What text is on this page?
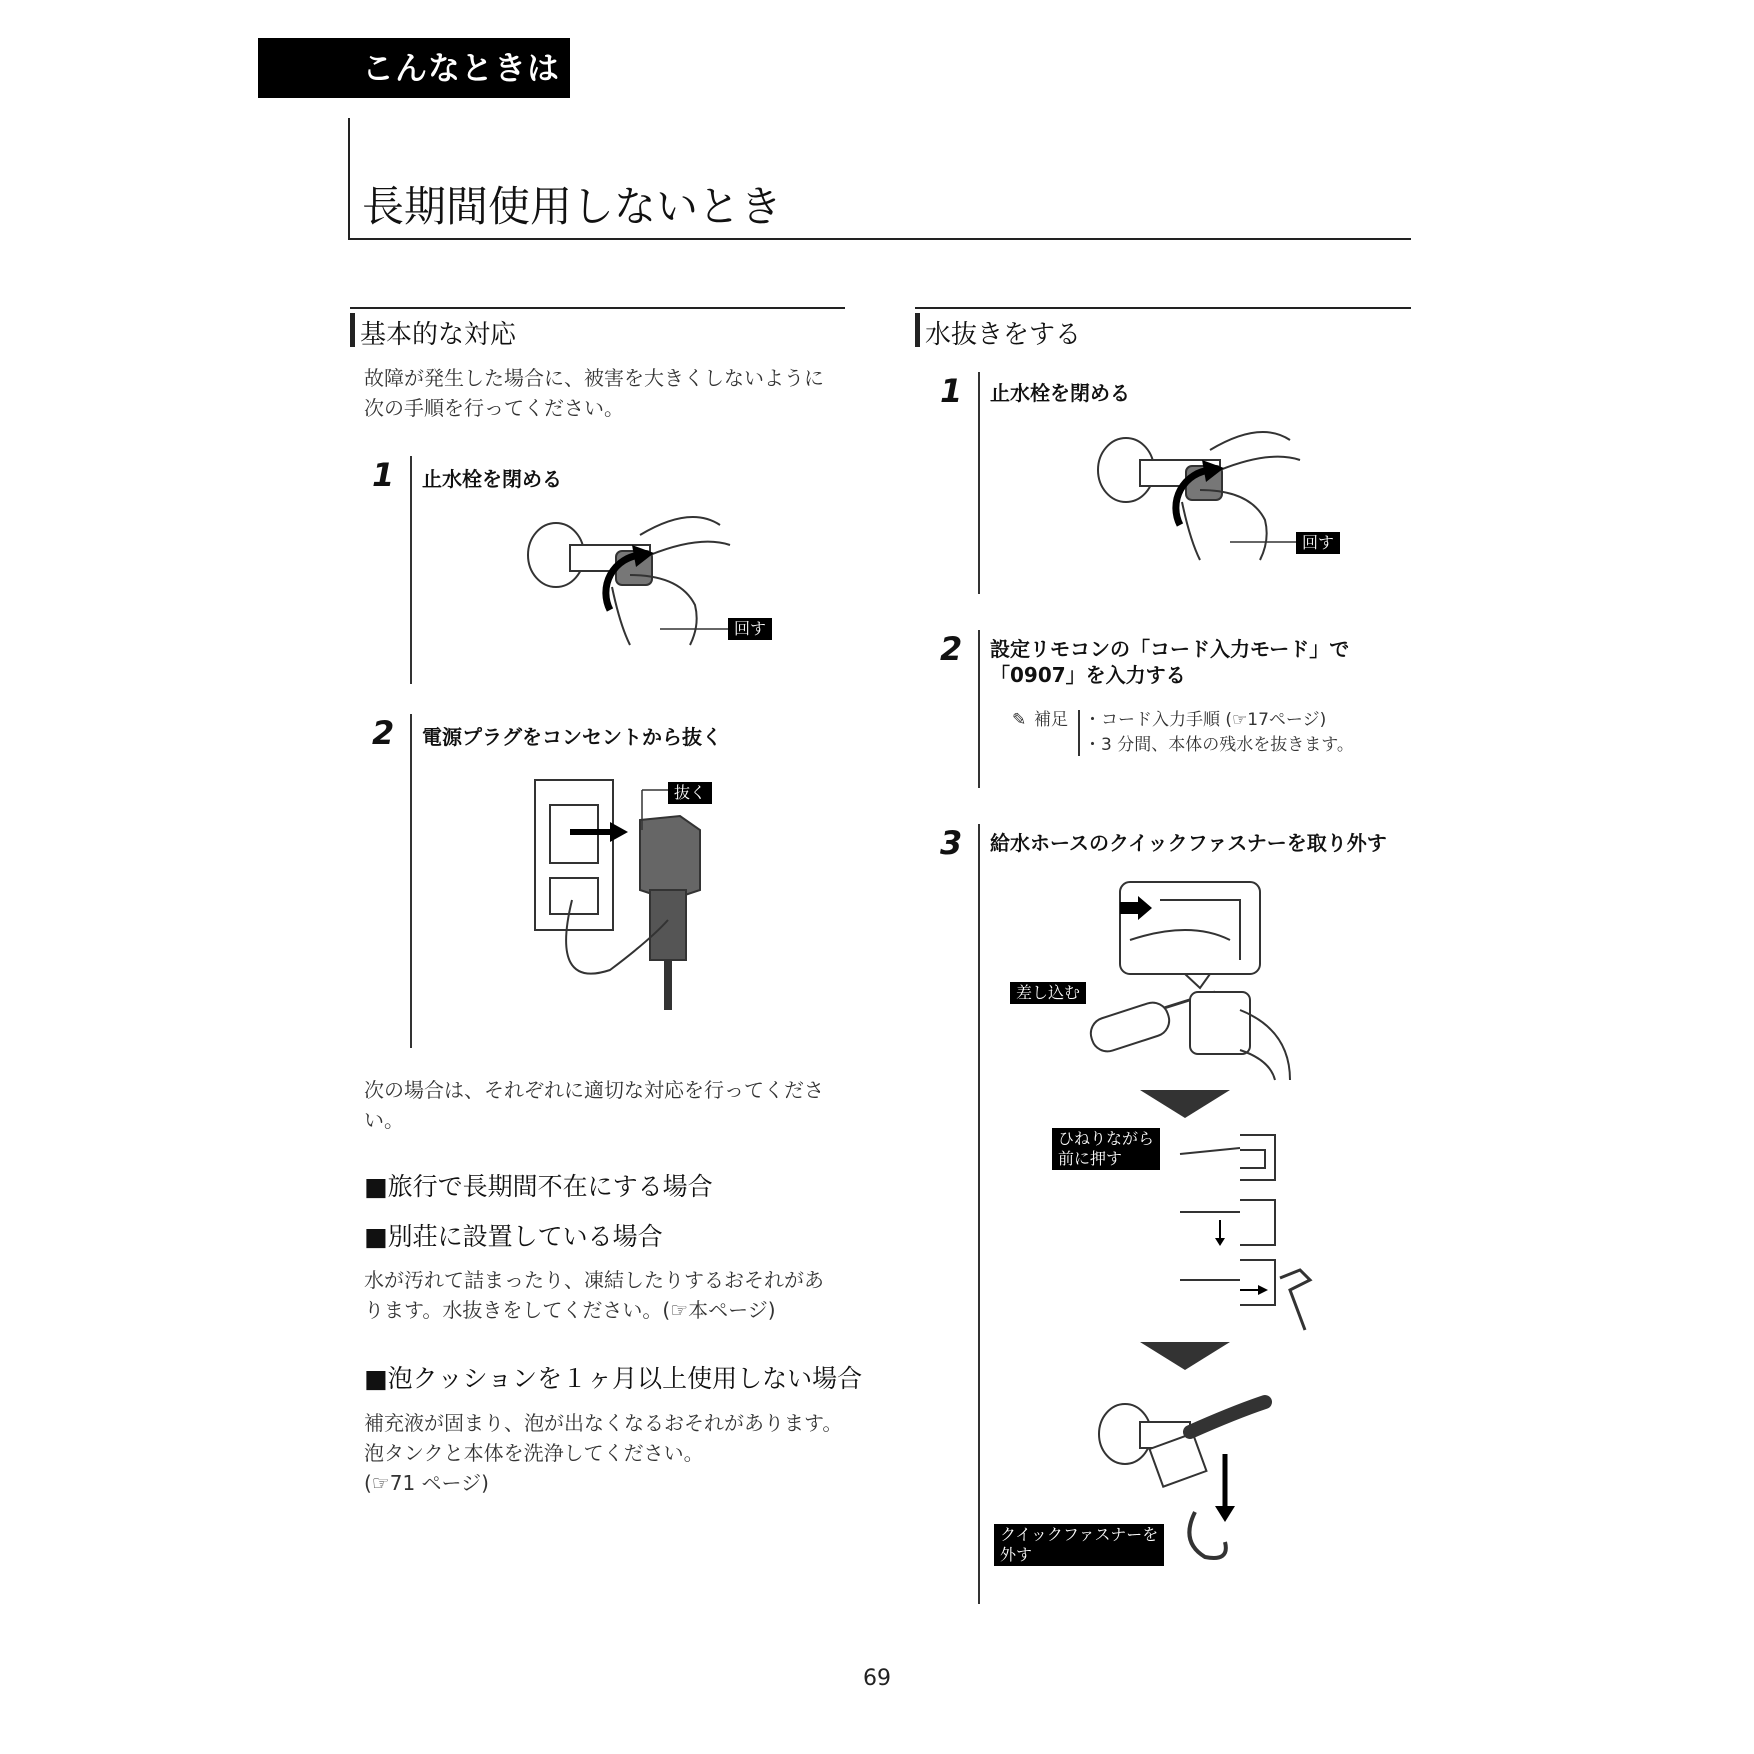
こんなときは
長期間使用しないとき
基本的な対応
故障が発生した場合に、被害を大きくしないように
次の手順を行ってください。
1 止水栓を閉める
回す
2 電源プラグをコンセントから抜く
抜く
次の場合は、それぞれに適切な対応を行ってくださ
い。
■旅行で長期間不在にする場合
■別荘に設置している場合
水が汚れて詰まったり、凍結したりするおそれがあ
ります。水抜きをしてください。(☞本ページ)
■泡クッションを１ヶ月以上使用しない場合
補充液が固まり、泡が出なくなるおそれがあります。
泡タンクと本体を洗浄してください。
(☞71 ページ)
水抜きをする
1 止水栓を閉める
回す
2 設定リモコンの「コード入力モード」で
「0907」を入力する
✎ 補足 ・コード入力手順 (☞17ページ)
・3 分間、本体の残水を抜きます。
3 給水ホースのクイックファスナーを取り外す
差し込む
ひねりながら
前に押す
クイックファスナーを
外す
69
